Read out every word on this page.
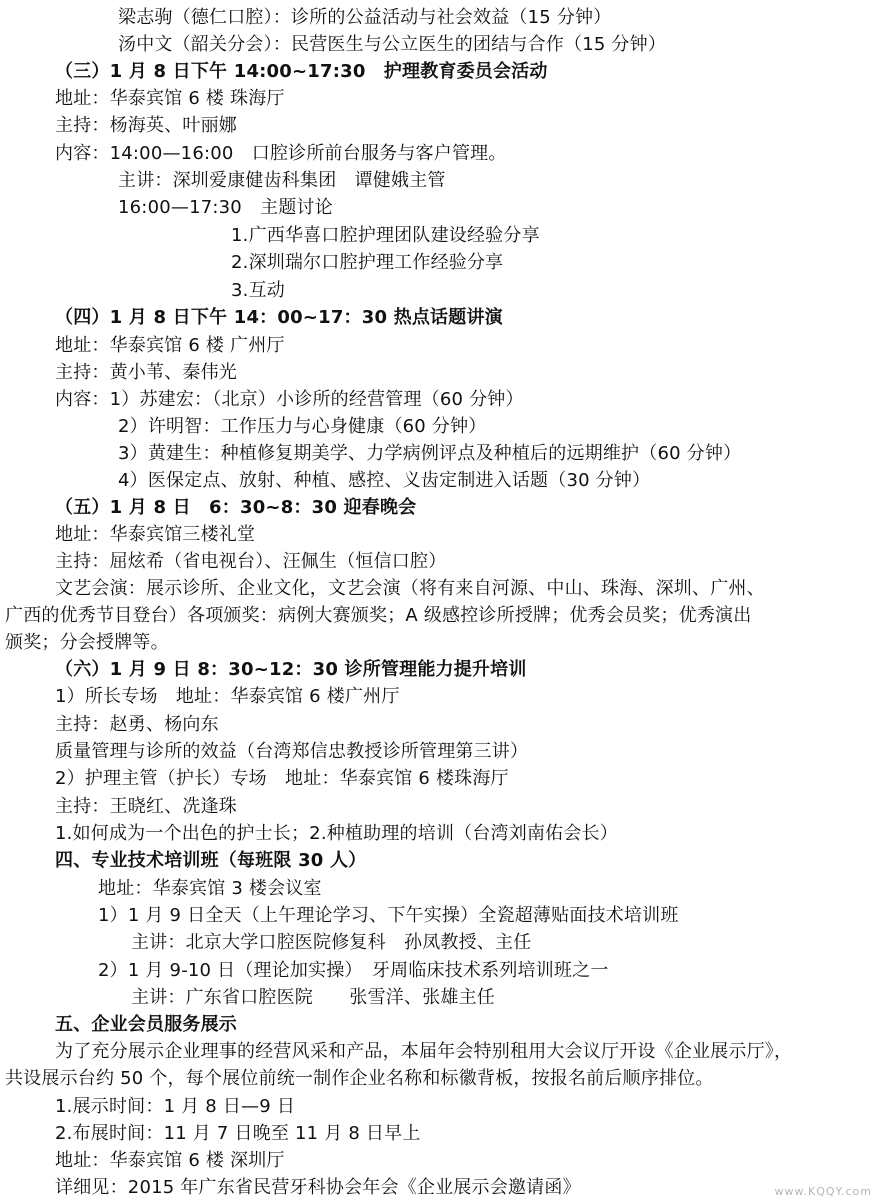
梁志驹（德仁口腔）：诊所的公益活动与社会效益（15 分钟）
汤中文（韶关分会）：民营医生与公立医生的团结与合作（15 分钟）
（三）1 月 8 日下午 14:00~17:30　护理教育委员会活动
地址：华泰宾馆 6 楼 珠海厅
主持：杨海英、叶丽娜
内容：14:00—16:00　口腔诊所前台服务与客户管理。
主讲：深圳爱康健齿科集团　谭健娥主管
16:00—17:30　主题讨论
1.广西华喜口腔护理团队建设经验分享
2.深圳瑞尔口腔护理工作经验分享
3.互动
（四）1 月 8 日下午 14：00~17：30 热点话题讲演
地址：华泰宾馆 6 楼 广州厅
主持：黄小苇、秦伟光
内容：1）苏建宏：（北京）小诊所的经营管理（60 分钟）
2）许明智：工作压力与心身健康（60 分钟）
3）黄建生：种植修复期美学、力学病例评点及种植后的远期维护（60 分钟）
4）医保定点、放射、种植、感控、义齿定制进入话题（30 分钟）
（五）1 月 8 日　6：30~8：30 迎春晚会
地址：华泰宾馆三楼礼堂
主持：屈炫希（省电视台）、汪佩生（恒信口腔）
文艺会演：展示诊所、企业文化，文艺会演（将有来自河源、中山、珠海、深圳、广州、
广西的优秀节目登台）各项颁奖：病例大赛颁奖；A 级感控诊所授牌；优秀会员奖；优秀演出
颁奖；分会授牌等。
（六）1 月 9 日 8：30~12：30 诊所管理能力提升培训
1）所长专场　地址：华泰宾馆 6 楼广州厅
主持：赵勇、杨向东
质量管理与诊所的效益（台湾郑信忠教授诊所管理第三讲）
2）护理主管（护长）专场　地址：华泰宾馆 6 楼珠海厅
主持：王晓红、冼逢珠
1.如何成为一个出色的护士长；2.种植助理的培训（台湾刘南佑会长）
四、专业技术培训班（每班限 30 人）
地址：华泰宾馆 3 楼会议室
1）1 月 9 日全天（上午理论学习、下午实操）全瓷超薄贴面技术培训班
主讲：北京大学口腔医院修复科　孙凤教授、主任
2）1 月 9-10 日（理论加实操）　牙周临床技术系列培训班之一
主讲：广东省口腔医院　　张雪洋、张雄主任
五、企业会员服务展示
为了充分展示企业理事的经营风采和产品，本届年会特别租用大会议厅开设《企业展示厅》，
共设展示台约 50 个，每个展位前统一制作企业名称和标徽背板，按报名前后顺序排位。
1.展示时间：1 月 8 日—9 日
2.布展时间：11 月 7 日晚至 11 月 8 日早上
地址：华泰宾馆 6 楼 深圳厅
详细见：2015 年广东省民营牙科协会年会《企业展示会邀请函》	www.KQQY.com
